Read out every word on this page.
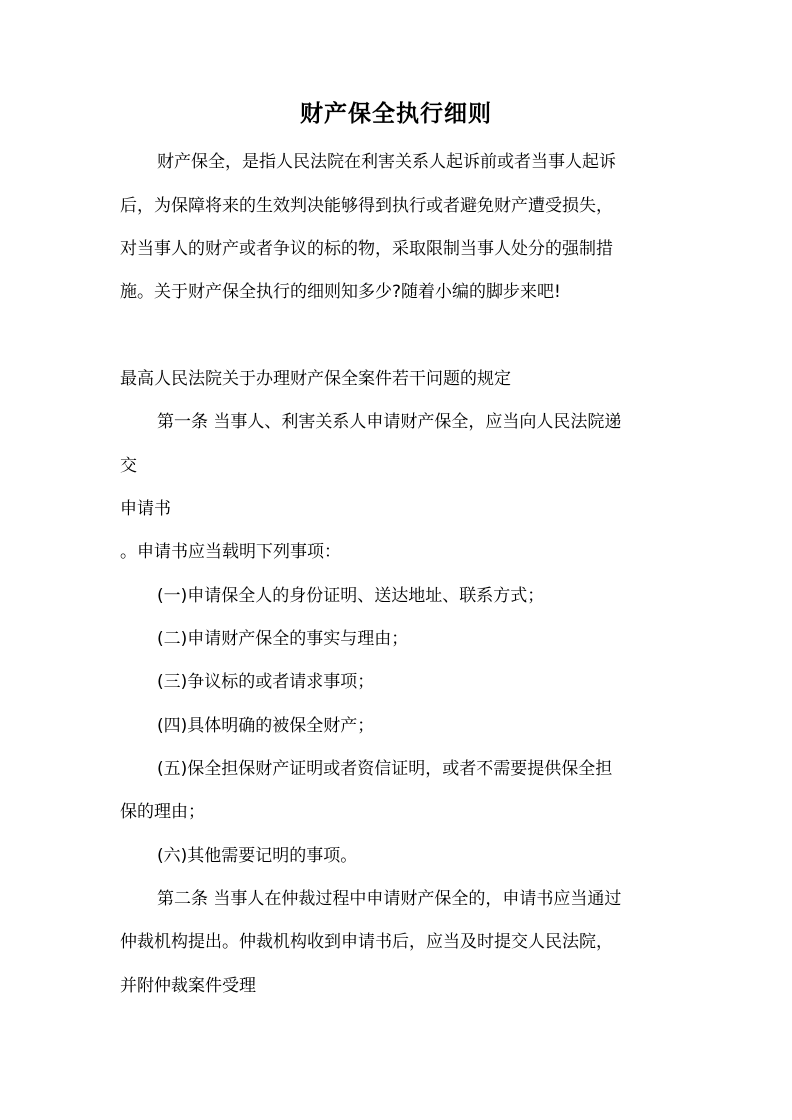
财产保全执行细则
财产保全，是指人民法院在利害关系人起诉前或者当事人起诉
后，为保障将来的生效判决能够得到执行或者避免财产遭受损失，
对当事人的财产或者争议的标的物，采取限制当事人处分的强制措
施。关于财产保全执行的细则知多少?随着小编的脚步来吧!
最高人民法院关于办理财产保全案件若干问题的规定
第一条 当事人、利害关系人申请财产保全，应当向人民法院递
交
申请书
。申请书应当载明下列事项：
(一)申请保全人的身份证明、送达地址、联系方式；
(二)申请财产保全的事实与理由；
(三)争议标的或者请求事项；
(四)具体明确的被保全财产；
(五)保全担保财产证明或者资信证明，或者不需要提供保全担
保的理由；
(六)其他需要记明的事项。
第二条 当事人在仲裁过程中申请财产保全的，申请书应当通过
仲裁机构提出。仲裁机构收到申请书后，应当及时提交人民法院，
并附仲裁案件受理
